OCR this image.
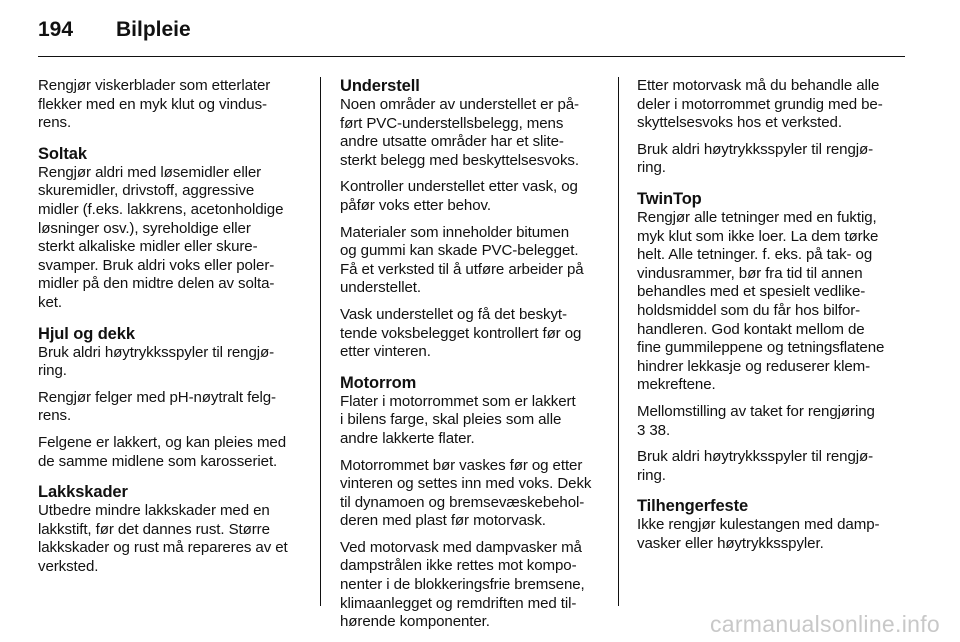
194	Bilpleie
Rengjør viskerblader som etterlater
flekker med en myk klut og vindus-
rens.
Soltak
Rengjør aldri med løsemidler eller
skuremidler, drivstoff, aggressive
midler (f.eks. lakkrens, acetonholdige
løsninger osv.), syreholdige eller
sterkt alkaliske midler eller skure-
svamper. Bruk aldri voks eller poler-
midler på den midtre delen av solta-
ket.
Hjul og dekk
Bruk aldri høytrykksspyler til rengjø-
ring.
Rengjør felger med pH-nøytralt felg-
rens.
Felgene er lakkert, og kan pleies med
de samme midlene som karosseriet.
Lakkskader
Utbedre mindre lakkskader med en
lakkstift, før det dannes rust. Større
lakkskader og rust må repareres av et
verksted.
Understell
Noen områder av understellet er på-
ført PVC-understellsbelegg, mens
andre utsatte områder har et slite-
sterkt belegg med beskyttelsesvoks.
Kontroller understellet etter vask, og
påfør voks etter behov.
Materialer som inneholder bitumen
og gummi kan skade PVC-belegget.
Få et verksted til å utføre arbeider på
understellet.
Vask understellet og få det beskyt-
tende voksbelegget kontrollert før og
etter vinteren.
Motorrom
Flater i motorrommet som er lakkert
i bilens farge, skal pleies som alle
andre lakkerte flater.
Motorrommet bør vaskes før og etter
vinteren og settes inn med voks. Dekk
til dynamoen og bremsevæskebehol-
deren med plast før motorvask.
Ved motorvask med dampvasker må
dampstrålen ikke rettes mot kompo-
nenter i de blokkeringsfrie bremsene,
klimaanlegget og remdriften med til-
hørende komponenter.
Etter motorvask må du behandle alle
deler i motorrommet grundig med be-
skyttelsesvoks hos et verksted.
Bruk aldri høytrykksspyler til rengjø-
ring.
TwinTop
Rengjør alle tetninger med en fuktig,
myk klut som ikke loer. La dem tørke
helt. Alle tetninger. f. eks. på tak- og
vindusrammer, bør fra tid til annen
behandles med et spesielt vedlike-
holdsmiddel som du får hos bilfor-
handleren. God kontakt mellom de
fine gummileppene og tetningsflatene
hindrer lekkasje og reduserer klem-
mekreftene.
Mellomstilling av taket for rengjøring
3 38.
Bruk aldri høytrykksspyler til rengjø-
ring.
Tilhengerfeste
Ikke rengjør kulestangen med damp-
vasker eller høytrykksspyler.
carmanualsonline.info
